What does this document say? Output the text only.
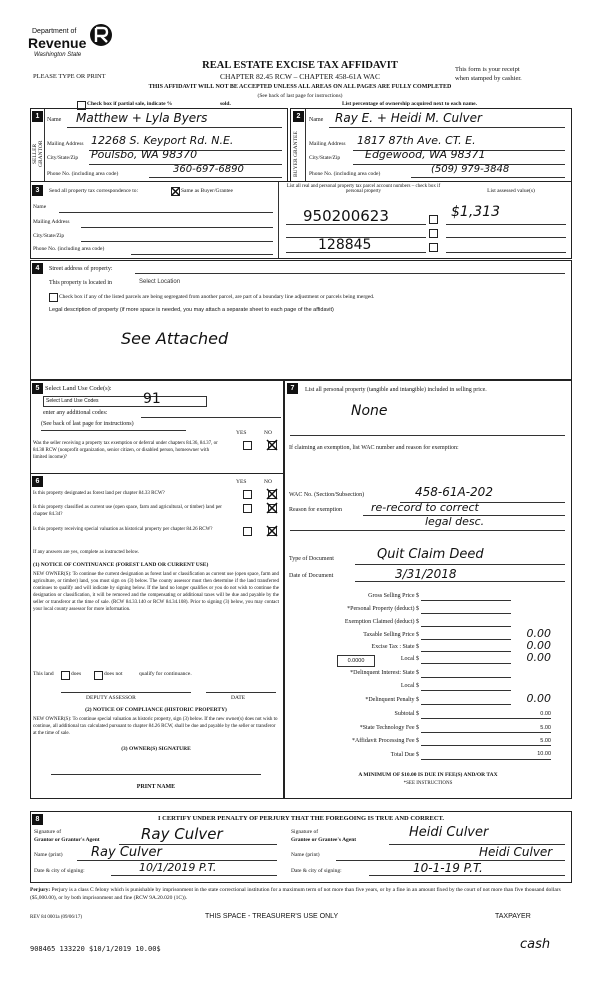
Department of
Revenue
Washington State
REAL ESTATE EXCISE TAX AFFIDAVIT
CHAPTER 82.45 RCW – CHAPTER 458-61A WAC
PLEASE TYPE OR PRINT
This form is your receipt
when stamped by cashier.
THIS AFFIDAVIT WILL NOT BE ACCEPTED UNLESS ALL AREAS ON ALL PAGES ARE FULLY COMPLETED
(See back of last page for instructions)
Check box if partial sale, indicate %	sold.	List percentage of ownership acquired next to each name.
1
SELLER GRANTOR
Name Matthew + Lyla Byers
Mailing Address 12268 S. Keyport Rd. N.E.
City/State/Zip Poulsbo, WA 98370
Phone No. (including area code)	360-697-6890
2
BUYER GRANTEE
Name Ray E. + Heidi M. Culver
Mailing Address 1817 87th Ave. CT. E.
City/State/Zip Edgewood, WA 98371
Phone No. (including area code)	(509) 979-3848
3	Send all property tax correspondence to:	Same as Buyer/Grantee
List all real and personal property tax parcel account numbers – check box if personal property	List assessed value(s)
Name
Mailing Address
City/State/Zip
Phone No. (including area code)
950200623	$1,313
128845
4	Street address of property:
This property is located in	Select Location
Check box if any of the listed parcels are being segregated from another parcel, are part of a boundary line adjustment or parcels being merged.
Legal description of property (if more space is needed, you may attach a separate sheet to each page of the affidavit)
See Attached
5 Select Land Use Code(s):
Select Land Use Codes	91
enter any additional codes:
(See back of last page for instructions)
YES	NO
Was the seller receiving a property tax exemption or deferral under chapters 84.36, 84.37, or 84.38 RCW (nonprofit organization, senior citizen, or disabled person, homeowner with limited income)?
6	YES	NO
Is this property designated as forest land per chapter 84.33 RCW?
Is this property classified as current use (open space, farm and agricultural, or timber) land per chapter 84.34?
Is this property receiving special valuation as historical property per chapter 84.26 RCW?
If any answers are yes, complete as instructed below.
(1) NOTICE OF CONTINUANCE (FOREST LAND OR CURRENT USE)
NEW OWNER(S): To continue the current designation as forest land or classification as current use (open space, farm and agriculture, or timber) land, you must sign on (3) below. The county assessor must then determine if the land transferred continues to qualify and will indicate by signing below. If the land no longer qualifies or you do not wish to continue the designation or classification, it will be removed and the compensating or additional taxes will be due and payable by the seller or transferor at the time of sale. (RCW 84.33.140 or RCW 84.34.108). Prior to signing (3) below, you may contact your local county assessor for more information.
This land	does	does not	qualify for continuance.
DEPUTY ASSESSOR	DATE
(2) NOTICE OF COMPLIANCE (HISTORIC PROPERTY)
NEW OWNER(S): To continue special valuation as historic property, sign (3) below. If the new owner(s) does not wish to continue, all additional tax calculated pursuant to chapter 84.26 RCW, shall be due and payable by the seller or transferor at the time of sale.
(3) OWNER(S) SIGNATURE
PRINT NAME
7	List all personal property (tangible and intangible) included in selling price.
None
If claiming an exemption, list WAC number and reason for exemption:
WAC No. (Section/Subsection)	458-61A-202
Reason for exemption	re-record to correct
legal desc.
Type of Document	Quit Claim Deed
Date of Document	3/31/2018
Gross Selling Price $
*Personal Property (deduct) $
Exemption Claimed (deduct) $
Taxable Selling Price $	0.00
Excise Tax : State $	0.00
0.0000	Local $	0.00
*Delinquent Interest: State $
Local $
*Delinquent Penalty $	0.00
Subtotal $	0.00
*State Technology Fee $	5.00
*Affidavit Processing Fee $	5.00
Total Due $	10.00
A MINIMUM OF $10.00 IS DUE IN FEE(S) AND/OR TAX
*SEE INSTRUCTIONS
8	I CERTIFY UNDER PENALTY OF PERJURY THAT THE FOREGOING IS TRUE AND CORRECT.
Signature of
Grantor or Grantor's Agent	Ray Culver
Name (print) Ray Culver
Date & city of signing:	10/1/2019 P.T.
Signature of
Grantee or Grantee's Agent	Heidi Culver
Name (print)	Heidi Culver
Date & city of signing:	10-1-19 P.T.
Perjury: Perjury is a class C felony which is punishable by imprisonment in the state correctional institution for a maximum term of not more than five years, or by a fine in an amount fixed by the court of not more than five thousand dollars ($5,000.00), or by both imprisonment and fine (RCW 9A.20.020 (1C)).
REV 84 0001a (09/06/17)	THIS SPACE - TREASURER'S USE ONLY	TAXPAYER
908465 133220 $10/1/2019 10.00$	cash
